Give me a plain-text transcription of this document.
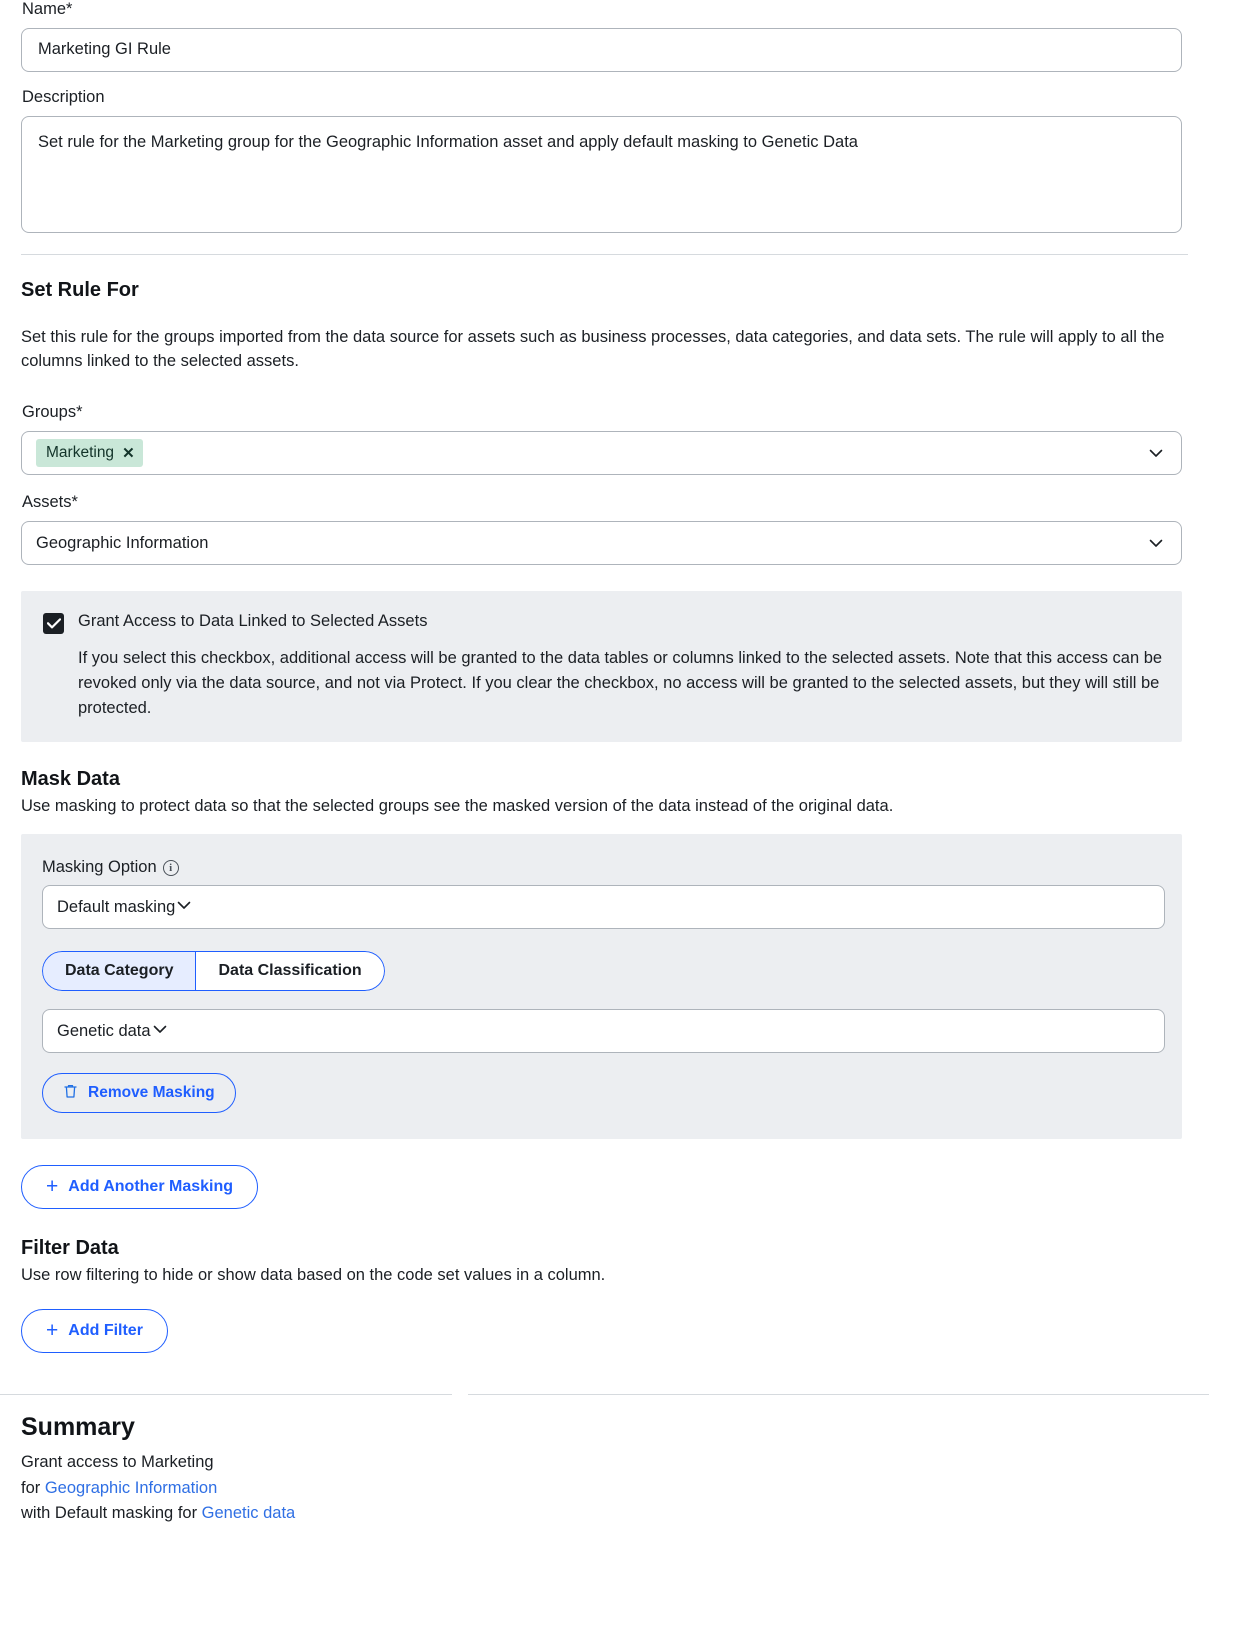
Name*
Marketing GI Rule
Description
Set rule for the Marketing group for the Geographic Information asset and apply default masking to Genetic Data
Set Rule For
Set this rule for the groups imported from the data source for assets such as business processes, data categories, and data sets. The rule will apply to all the columns linked to the selected assets.
Groups*
Marketing ✕
Assets*
Geographic Information
Grant Access to Data Linked to Selected Assets
If you select this checkbox, additional access will be granted to the data tables or columns linked to the selected assets. Note that this access can be revoked only via the data source, and not via Protect. If you clear the checkbox, no access will be granted to the selected assets, but they will still be protected.
Mask Data
Use masking to protect data so that the selected groups see the masked version of the data instead of the original data.
Masking Option	i
Default masking
Data Category	Data Classification
Genetic data
Remove Masking
+ Add Another Masking
Filter Data
Use row filtering to hide or show data based on the code set values in a column.
+ Add Filter
Summary
Grant access to Marketing
for Geographic Information
with Default masking for Genetic data
